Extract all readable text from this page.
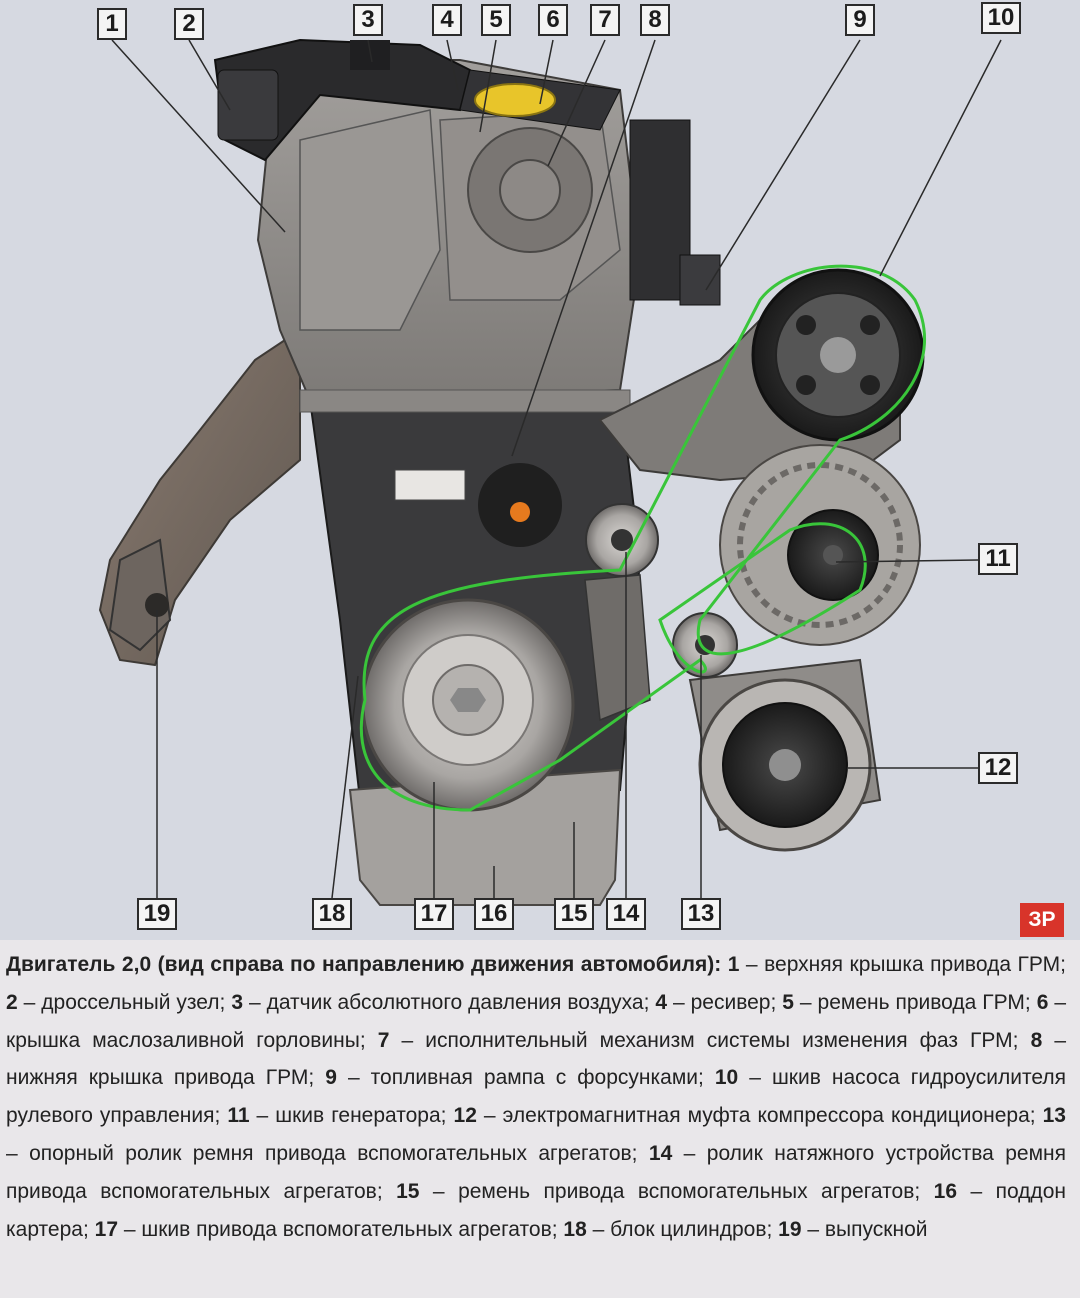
1	2	3	4	5	6	7	8	9	10
11
12
13
14
15
16
17
18
19	ЗР
Двигатель 2,0 (вид справа по направлению движения автомобиля): 1 – верхняя крышка привода ГРМ; 2 – дроссельный узел; 3 – датчик абсолютного давления воздуха; 4 – ресивер; 5 – ремень привода ГРМ; 6 – крышка маслозаливной горловины; 7 – исполнительный механизм системы изменения фаз ГРМ; 8 – нижняя крышка привода ГРМ; 9 – топливная рампа с форсунками; 10 – шкив насоса гидроусилителя рулевого управления; 11 – шкив генератора; 12 – электромагнитная муфта компрессора кондиционера; 13 – опорный ролик ремня привода вспомогательных агрегатов; 14 – ролик натяжного устройства ремня привода вспомогательных агрегатов; 15 – ремень привода вспомогательных агрегатов; 16 – поддон картера; 17 – шкив привода вспомогательных агрегатов; 18 – блок цилиндров; 19 – выпускной
